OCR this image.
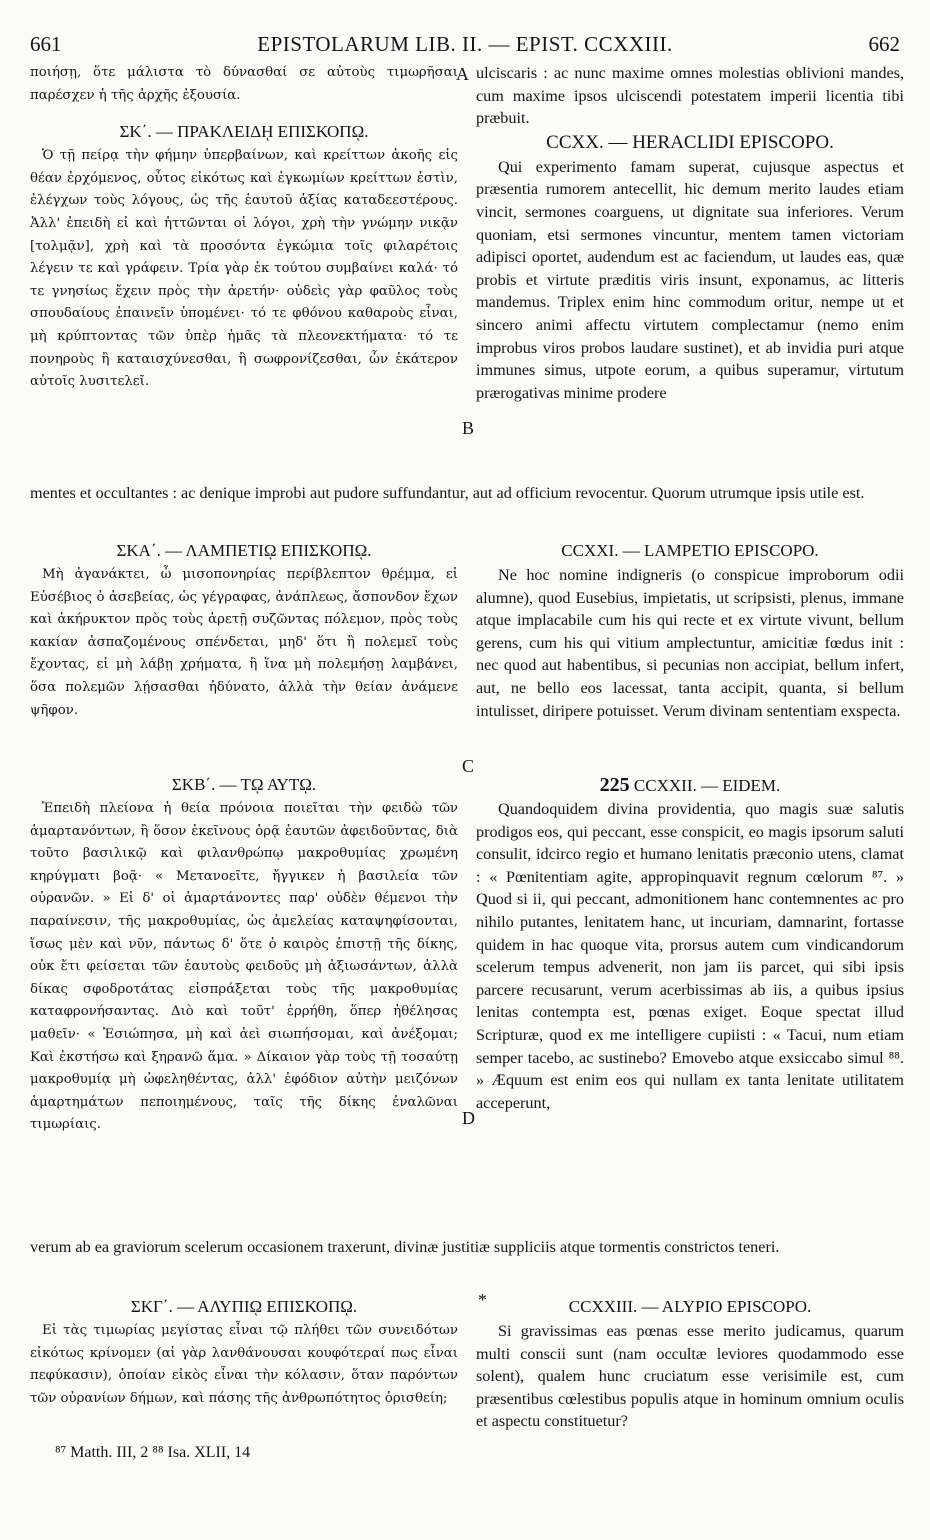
661	EPISTOLARUM LIB. II. — EPIST. CCXXIII.	662

ποιήσῃ, ὅτε μάλιστα τὸ δύνασθαί σε αὐτοὺς τιμωρῆσαι παρέσχεν ἡ τῆς ἀρχῆς ἐξουσία.

ΣΚ΄. — ΠΡΑΚΛΕΙΔῌ ΕΠΙΣΚΟΠῼ.

Ὁ τῇ πείρᾳ τὴν φήμην ὑπερβαίνων, καὶ κρείττων ἀκοῆς εἰς θέαν ἐρχόμενος, οὗτος εἰκότως καὶ ἐγκωμίων κρείττων ἐστὶν, ἐλέγχων τοὺς λόγους, ὡς τῆς ἑαυτοῦ ἀξίας καταδεεστέρους. Ἀλλ' ἐπειδὴ εἰ καὶ ἡττῶνται οἱ λόγοι, χρὴ τὴν γνώμην νικᾷν [τολμᾷν], χρὴ καὶ τὰ προσόντα ἐγκώμια τοῖς φιλαρέτοις λέγειν τε καὶ γράφειν. Τρία γὰρ ἐκ τούτου συμβαίνει καλά· τό τε γνησίως ἔχειν πρὸς τὴν ἀρετήν· οὐδεὶς γὰρ φαῦλος τοὺς σπουδαίους ἐπαινεῖν ὑπομένει· τό τε φθόνου καθαροὺς εἶναι, μὴ κρύπτοντας τῶν ὑπὲρ ἡμᾶς τὰ πλεονεκτήματα· τό τε πονηροὺς ἢ καταισχύνεσθαι, ἢ σωφρονίζεσθαι, ὧν ἑκάτερον αὐτοῖς λυσιτελεῖ.

ulciscaris : ac nunc maxime omnes molestias oblivioni mandes, cum maxime ipsos ulciscendi potestatem imperii licentia tibi præbuit.

CCXX. — HERACLIDI EPISCOPO.

Qui experimento famam superat, cujusque aspectus et præsentia rumorem antecellit, hic demum merito laudes etiam vincit, sermones coarguens, ut dignitate sua inferiores. Verum quoniam, etsi sermones vincuntur, mentem tamen victoriam adipisci oportet, audendum est ac faciendum, ut laudes eas, quæ probis et virtute præditis viris insunt, exponamus, ac litteris mandemus. Triplex enim hinc commodum oritur, nempe ut et sincero animi affectu virtutem complectamur (nemo enim improbus viros probos laudare sustinet), et ab invidia puri atque immunes simus, utpote eorum, a quibus superamur, virtutum prærogativas minime prodere

mentes et occultantes : ac denique improbi aut pudore suffundantur, aut ad officium revocentur. Quorum utrumque ipsis utile est.

ΣΚΑ΄. — ΛΑΜΠΕΤΙῼ ΕΠΙΣΚΟΠῼ.

Μὴ ἀγανάκτει, ὦ μισοπονηρίας περίβλεπτον θρέμμα, εἰ Εὐσέβιος ὁ ἀσεβείας, ὡς γέγραφας, ἀνάπλεως, ἄσπονδον ἔχων καὶ ἀκήρυκτον πρὸς τοὺς ἀρετῇ συζῶντας πόλεμον, πρὸς τοὺς κακίαν ἀσπαζομένους σπένδεται, μηδ' ὅτι ἢ πολεμεῖ τοὺς ἔχοντας, εἰ μὴ λάβῃ χρήματα, ἢ ἵνα μὴ πολεμήσῃ λαμβάνει, ὅσα πολεμῶν λῄσασθαι ἠδύνατο, ἀλλὰ τὴν θείαν ἀνάμενε ψῆφον.

CCXXI. — LAMPETIO EPISCOPO.

Ne hoc nomine indigneris (o conspicue improborum odii alumne), quod Eusebius, impietatis, ut scripsisti, plenus, immane atque implacabile cum his qui recte et ex virtute vivunt, bellum gerens, cum his qui vitium amplectuntur, amicitiæ fœdus init : nec quod aut habentibus, si pecunias non accipiat, bellum infert, aut, ne bello eos lacessat, tanta accipit, quanta, si bellum intulisset, diripere potuisset. Verum divinam sententiam exspecta.

ΣΚΒ΄. — Τῼ ΑΥΤῼ.

Ἐπειδὴ πλείονα ἡ θεία πρόνοια ποιεῖται τὴν φειδὼ τῶν ἁμαρτανόντων, ἢ ὅσον ἐκεῖνους ὁρᾷ ἑαυτῶν ἀφειδοῦντας, διὰ τοῦτο βασιλικῷ καὶ φιλανθρώπῳ μακροθυμίας χρωμένη κηρύγματι βοᾷ· « Μετανοεῖτε, ἤγγικεν ἡ βασιλεία τῶν οὐρανῶν. » Εἰ δ' οἱ ἁμαρτάνοντες παρ' οὐδὲν θέμενοι τὴν παραίνεσιν, τῆς μακροθυμίας, ὡς ἀμελείας καταψηφίσονται, ἴσως μὲν καὶ νῦν, πάντως δ' ὅτε ὁ καιρὸς ἐπιστῇ τῆς δίκης, οὐκ ἔτι φείσεται τῶν ἑαυτοὺς φειδοῦς μὴ ἀξιωσάντων, ἀλλὰ δίκας σφοδροτάτας εἰσπράξεται τοὺς τῆς μακροθυμίας καταφρονήσαντας. Διὸ καὶ τοῦτ' ἐρρήθη, ὅπερ ἠθέλησας μαθεῖν· « Ἐσιώπησα, μὴ καὶ ἀεὶ σιωπήσομαι, καὶ ἀνέξομαι; Καὶ ἐκστήσω καὶ ξηρανῶ ἅμα. » Δίκαιον γὰρ τοὺς τῇ τοσαύτῃ μακροθυμίᾳ μὴ ὠφεληθέντας, ἀλλ' ἐφόδιον αὐτὴν μειζόνων ἁμαρτημάτων πεποιημένους, ταῖς τῆς δίκης ἐναλῶναι τιμωρίαις.

225 CCXXII. — EIDEM.

Quandoquidem divina providentia, quo magis suæ salutis prodigos eos, qui peccant, esse conspicit, eo magis ipsorum saluti consulit, idcirco regio et humano lenitatis præconio utens, clamat : « Pœnitentiam agite, appropinquavit regnum cœlorum ⁸⁷. » Quod si ii, qui peccant, admonitionem hanc contemnentes ac pro nihilo putantes, lenitatem hanc, ut incuriam, damnarint, fortasse quidem in hac quoque vita, prorsus autem cum vindicandorum scelerum tempus advenerit, non jam iis parcet, qui sibi ipsis parcere recusarunt, verum acerbissimas ab iis, a quibus ipsius lenitas contempta est, pœnas exiget. Eoque spectat illud Scripturæ, quod ex me intelligere cupiisti : « Tacui, num etiam semper tacebo, ac sustinebo? Emovebo atque exsiccabo simul ⁸⁸. » Æquum est enim eos qui nullam ex tanta lenitate utilitatem acceperunt,

verum ab ea graviorum scelerum occasionem traxerunt, divinæ justitiæ suppliciis atque tormentis constrictos teneri.

ΣΚΓ΄. — ΑΛΥΠΙῼ ΕΠΙΣΚΟΠῼ.

Εἰ τὰς τιμωρίας μεγίστας εἶναι τῷ πλήθει τῶν συνειδότων εἰκότως κρίνομεν (αἱ γὰρ λανθάνουσαι κουφότεραί πως εἶναι πεφύκασιν), ὁποίαν εἰκὸς εἶναι τὴν κόλασιν, ὅταν παρόντων τῶν οὐρανίων δήμων, καὶ πάσης τῆς ἀνθρωπότητος ὁρισθείη;

CCXXIII. — ALYPIO EPISCOPO.

Si gravissimas eas pœnas esse merito judicamus, quarum multi conscii sunt (nam occultæ leviores quodammodo esse solent), qualem hunc cruciatum esse verisimile est, cum præsentibus cœlestibus populis atque in hominum omnium oculis et aspectu constituetur?

A
B
C
D
*
⁸⁷ Matth. III, 2 ⁸⁸ Isa. XLII, 14
